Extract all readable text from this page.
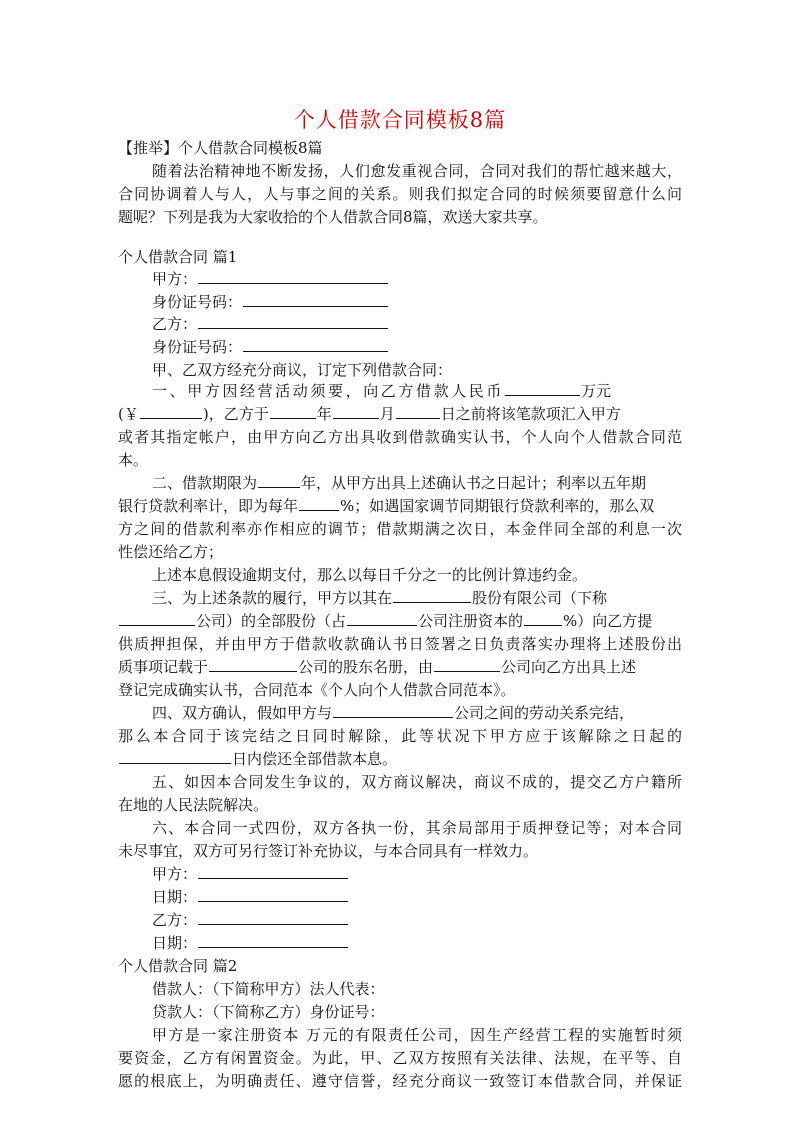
个人借款合同模板8篇
【推举】个人借款合同模板8篇
随着法治精神地不断发扬，人们愈发重视合同，合同对我们的帮忙越来越大，
合同协调着人与人，人与事之间的关系。则我们拟定合同的时候须要留意什么问
题呢？下列是我为大家收拾的个人借款合同8篇，欢送大家共享。
个人借款合同 篇1
甲方：
身份证号码：
乙方：
身份证号码：
甲、乙双方经充分商议，订定下列借款合同：
一、甲方因经营活动须要，向乙方借款人民币	万元
(￥	)，乙方于	年	月	日之前将该笔款项汇入甲方
或者其指定帐户，由甲方向乙方出具收到借款确实认书，个人向个人借款合同范
本。
二、借款期限为	年，从甲方出具上述确认书之日起计；利率以五年期
银行贷款利率计，即为每年	%；如遇国家调节同期银行贷款利率的，那么双
方之间的借款利率亦作相应的调节；借款期满之次日，本金伴同全部的利息一次
性偿还给乙方；
上述本息假设逾期支付，那么以每日千分之一的比例计算违约金。
三、为上述条款的履行，甲方以其在	股份有限公司（下称
公司）的全部股份（占	公司注册资本的	%）向乙方提
供质押担保，并由甲方于借款收款确认书日签署之日负责落实办理将上述股份出
质事项记载于	公司的股东名册，由	公司向乙方出具上述
登记完成确实认书，合同范本《个人向个人借款合同范本》。
四、双方确认，假如甲方与	公司之间的劳动关系完结，
那么本合同于该完结之日同时解除，此等状况下甲方应于该解除之日起的
日内偿还全部借款本息。
五、如因本合同发生争议的，双方商议解决，商议不成的，提交乙方户籍所
在地的人民法院解决。
六、本合同一式四份，双方各执一份，其余局部用于质押登记等；对本合同
未尽事宜，双方可另行签订补充协议，与本合同具有一样效力。
甲方：
日期：
乙方：
日期：
个人借款合同 篇2
借款人：（下简称甲方）法人代表：
贷款人：（下简称乙方）身份证号：
甲方是一家注册资本 万元的有限责任公司，因生产经营工程的实施暂时须
要资金，乙方有闲置资金。为此，甲、乙双方按照有关法律、法规，在平等、自
愿的根底上，为明确责任、遵守信誉，经充分商议一致签订本借款合同，并保证
